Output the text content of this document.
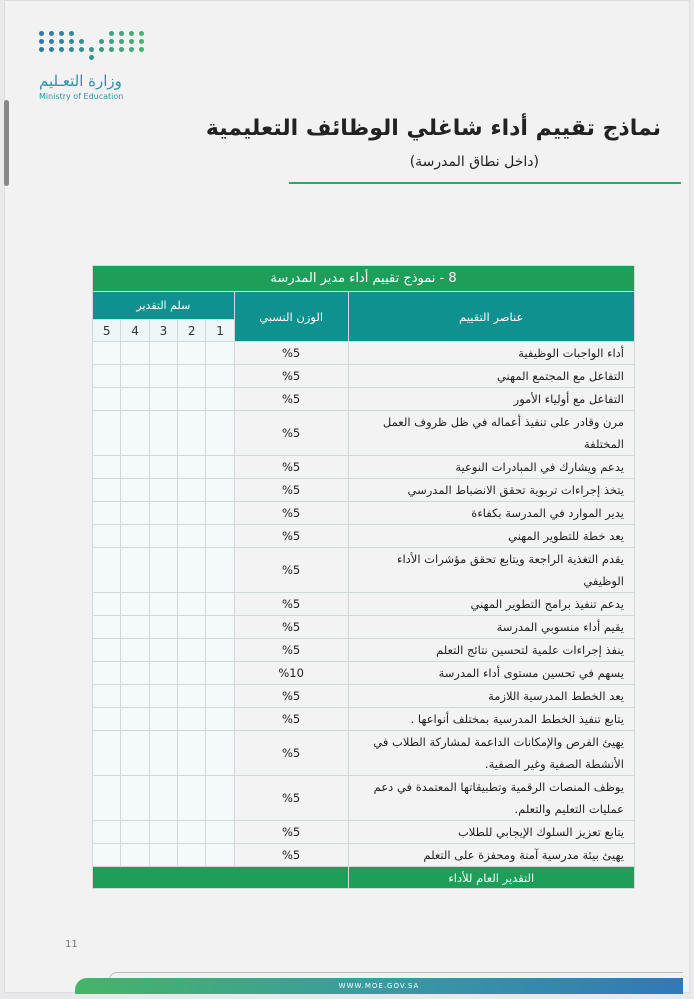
وزارة التعـليم
Ministry of Education
نماذج تقييم أداء شاغلي الوظائف التعليمية
(داخل نطاق المدرسة)
8 - نموذج تقييم أداء مدير المدرسة						
عناصر التقييم	الوزن النسبي	سلم التقدير				
		1	2	3	4	5
أداء الواجبات الوظيفية	%5					
التفاعل مع المجتمع المهني	%5					
التفاعل مع أولياء الأمور	%5					
مرن وقادر على تنفيذ أعماله في ظل ظروف العمل المختلفة	%5					
يدعم ويشارك في المبادرات النوعية	%5					
يتخذ إجراءات تربوية تحقق الانضباط المدرسي	%5					
يدير الموارد في المدرسة بكفاءة	%5					
يعد خطة للتطوير المهني	%5					
يقدم التغذية الراجعة ويتابع تحقق مؤشرات الأداء الوظيفي	%5					
يدعم تنفيذ برامج التطوير المهني	%5					
يقيم أداء منسوبي المدرسة	%5					
ينفذ إجراءات علمية لتحسين نتائج التعلم	%5					
يسهم في تحسين مستوى أداء المدرسة	%10					
يعد الخطط المدرسية اللازمة	%5					
يتابع تنفيذ الخطط المدرسية بمختلف أنواعها .	%5					
يهيئ الفرص والإمكانات الداعمة لمشاركة الطلاب في الأنشطة الصفية وغير الصفية.	%5					
يوظف المنصات الرقمية وتطبيقاتها المعتمدة في دعم عمليات التعليم والتعلم.	%5					
يتابع تعزيز السلوك الإيجابي للطلاب	%5					
يهيئ بيئة مدرسية آمنة ومحفزة على التعلم	%5					
التقدير العام للأداء						
11
WWW.MOE.GOV.SA
